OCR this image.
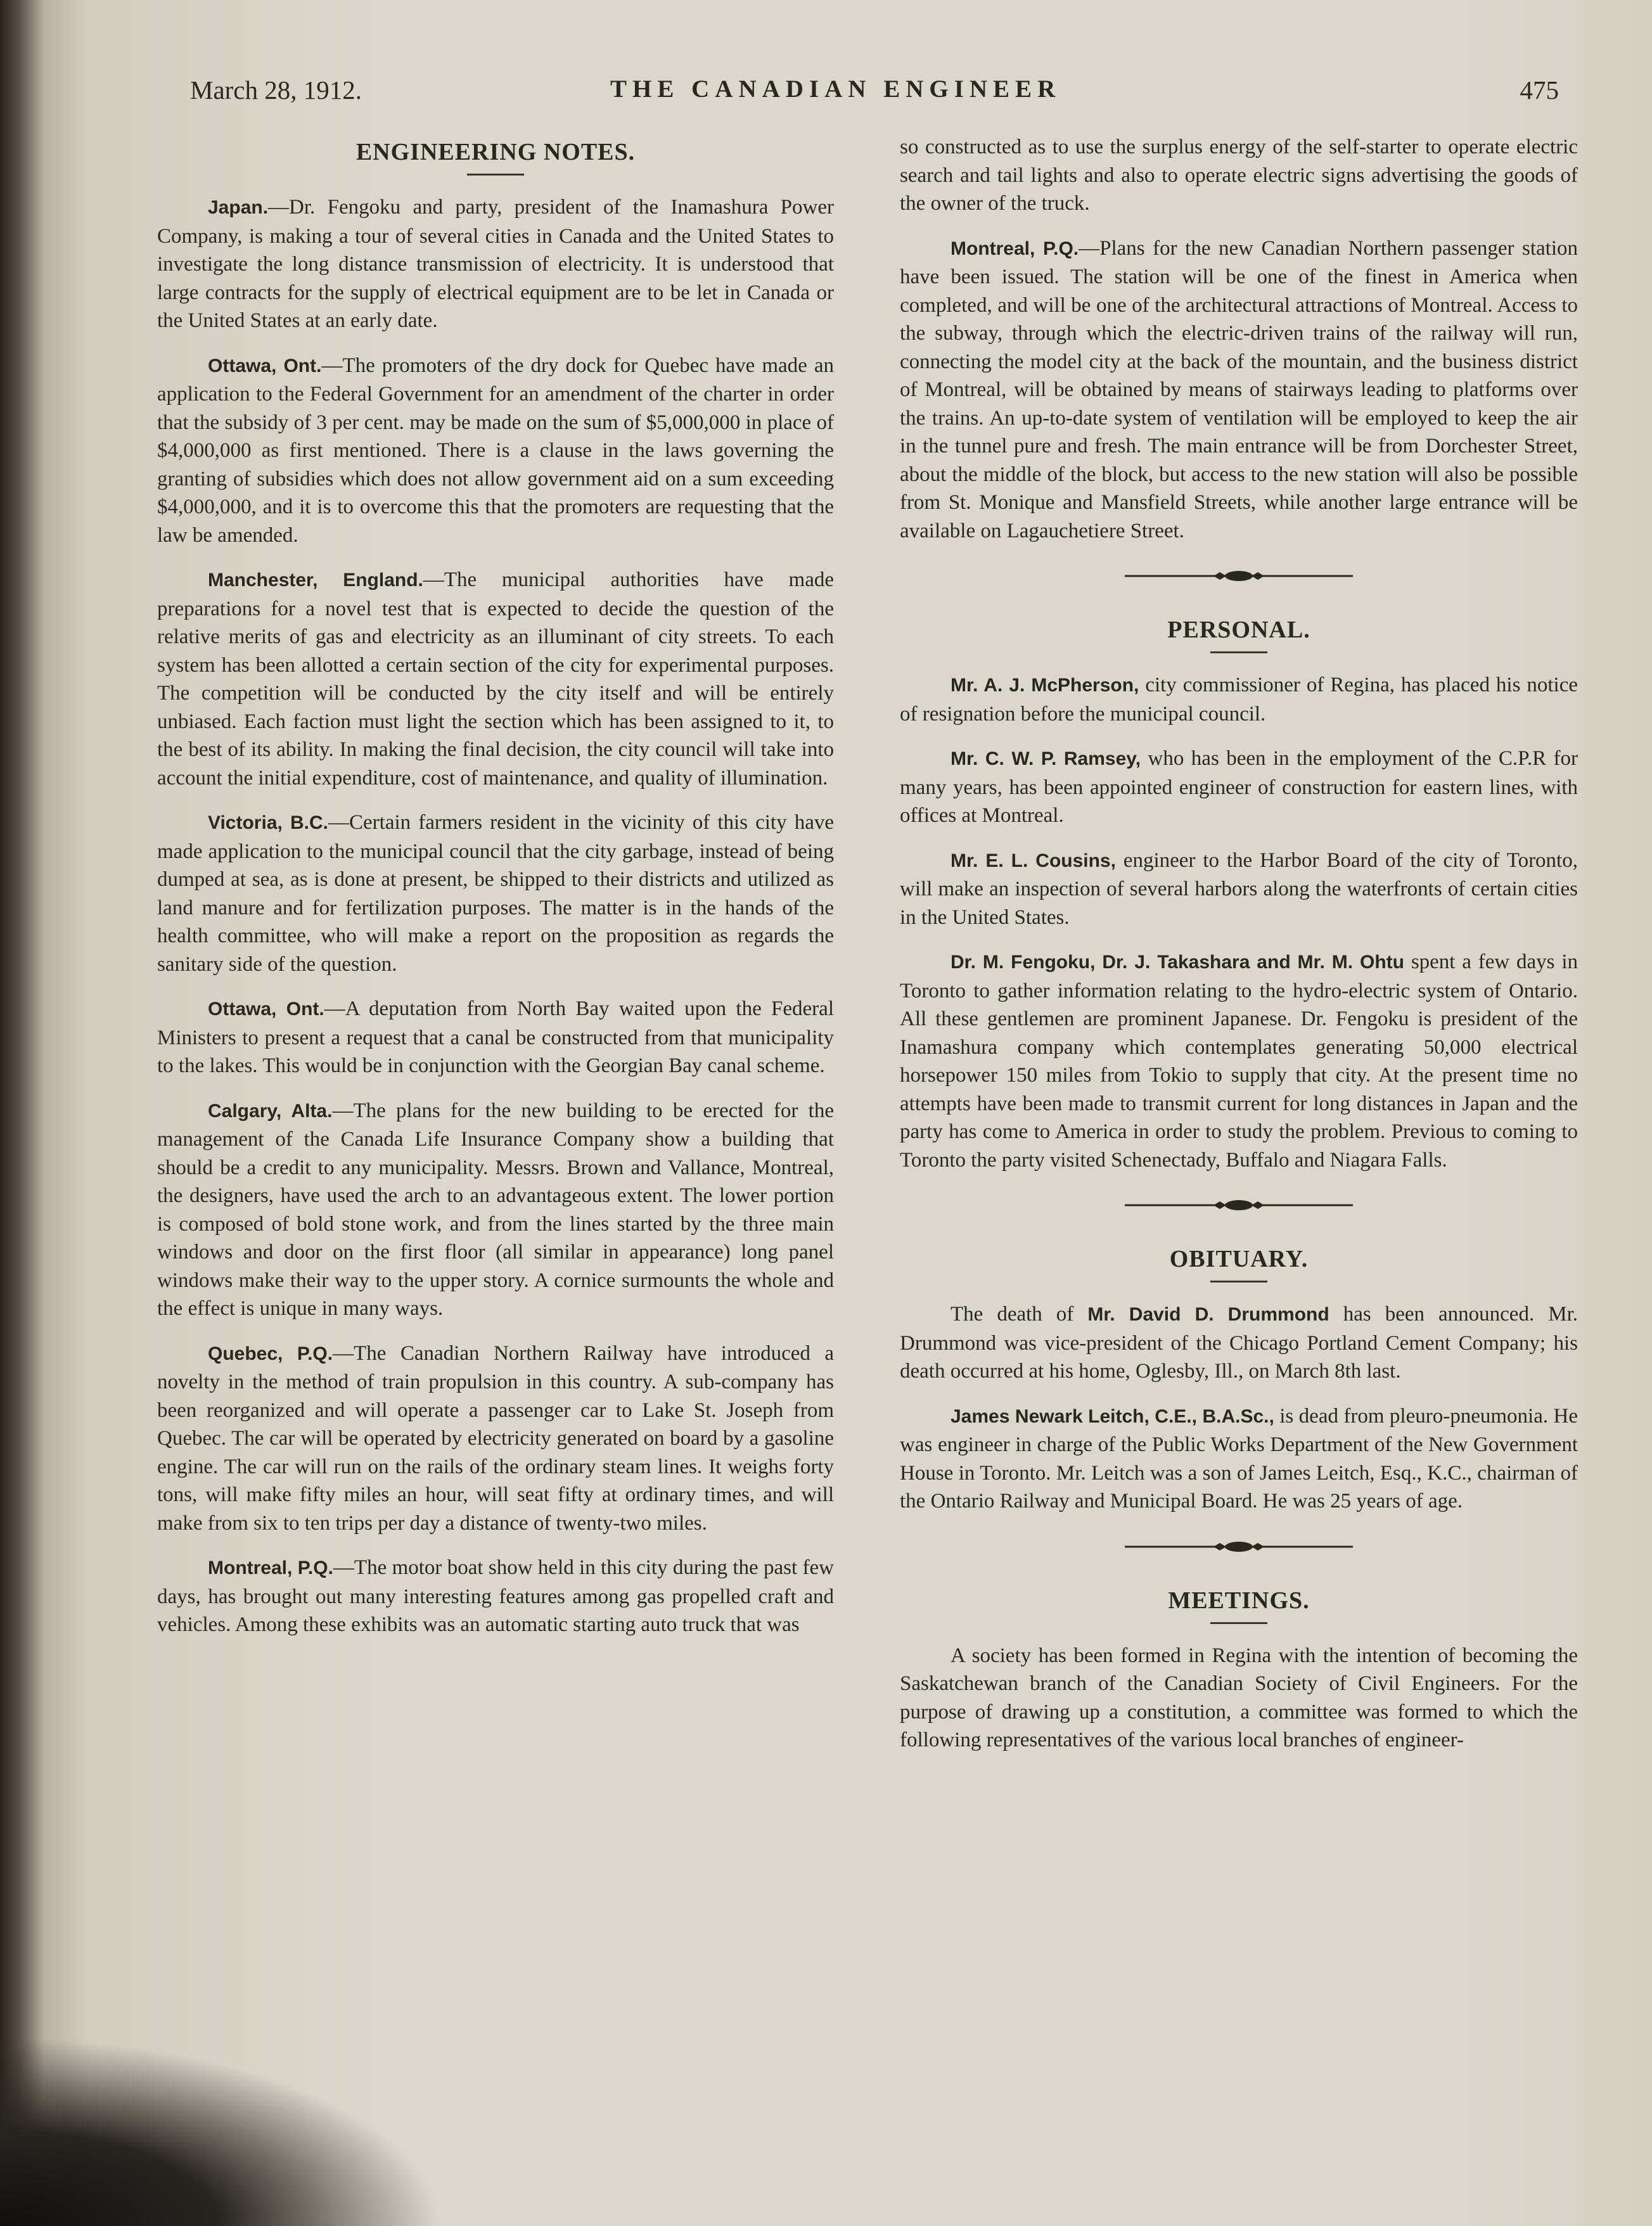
March 28, 1912.	THE CANADIAN ENGINEER	475
ENGINEERING NOTES.

Japan.—Dr. Fengoku and party, president of the Inamashura Power Company, is making a tour of several cities in Canada and the United States to investigate the long distance transmission of electricity. It is understood that large contracts for the supply of electrical equipment are to be let in Canada or the United States at an early date.

Ottawa, Ont.—The promoters of the dry dock for Quebec have made an application to the Federal Government for an amendment of the charter in order that the subsidy of 3 per cent. may be made on the sum of $5,000,000 in place of $4,000,000 as first mentioned. There is a clause in the laws governing the granting of subsidies which does not allow government aid on a sum exceeding $4,000,000, and it is to overcome this that the promoters are requesting that the law be amended.

Manchester, England.—The municipal authorities have made preparations for a novel test that is expected to decide the question of the relative merits of gas and electricity as an illuminant of city streets. To each system has been allotted a certain section of the city for experimental purposes. The competition will be conducted by the city itself and will be entirely unbiased. Each faction must light the section which has been assigned to it, to the best of its ability. In making the final decision, the city council will take into account the initial expenditure, cost of maintenance, and quality of illumination.

Victoria, B.C.—Certain farmers resident in the vicinity of this city have made application to the municipal council that the city garbage, instead of being dumped at sea, as is done at present, be shipped to their districts and utilized as land manure and for fertilization purposes. The matter is in the hands of the health committee, who will make a report on the proposition as regards the sanitary side of the question.

Ottawa, Ont.—A deputation from North Bay waited upon the Federal Ministers to present a request that a canal be constructed from that municipality to the lakes. This would be in conjunction with the Georgian Bay canal scheme.

Calgary, Alta.—The plans for the new building to be erected for the management of the Canada Life Insurance Company show a building that should be a credit to any municipality. Messrs. Brown and Vallance, Montreal, the designers, have used the arch to an advantageous extent. The lower portion is composed of bold stone work, and from the lines started by the three main windows and door on the first floor (all similar in appearance) long panel windows make their way to the upper story. A cornice surmounts the whole and the effect is unique in many ways.

Quebec, P.Q.—The Canadian Northern Railway have introduced a novelty in the method of train propulsion in this country. A sub-company has been reorganized and will operate a passenger car to Lake St. Joseph from Quebec. The car will be operated by electricity generated on board by a gasoline engine. The car will run on the rails of the ordinary steam lines. It weighs forty tons, will make fifty miles an hour, will seat fifty at ordinary times, and will make from six to ten trips per day a distance of twenty-two miles.

Montreal, P.Q.—The motor boat show held in this city during the past few days, has brought out many interesting features among gas propelled craft and vehicles. Among these exhibits was an automatic starting auto truck that was

so constructed as to use the surplus energy of the self-starter to operate electric search and tail lights and also to operate electric signs advertising the goods of the owner of the truck.

Montreal, P.Q.—Plans for the new Canadian Northern passenger station have been issued. The station will be one of the finest in America when completed, and will be one of the architectural attractions of Montreal. Access to the subway, through which the electric-driven trains of the railway will run, connecting the model city at the back of the mountain, and the business district of Montreal, will be obtained by means of stairways leading to platforms over the trains. An up-to-date system of ventilation will be employed to keep the air in the tunnel pure and fresh. The main entrance will be from Dorchester Street, about the middle of the block, but access to the new station will also be possible from St. Monique and Mansfield Streets, while another large entrance will be available on Lagauchetiere Street.

PERSONAL.

Mr. A. J. McPherson, city commissioner of Regina, has placed his notice of resignation before the municipal council.

Mr. C. W. P. Ramsey, who has been in the employment of the C.P.R for many years, has been appointed engineer of construction for eastern lines, with offices at Montreal.

Mr. E. L. Cousins, engineer to the Harbor Board of the city of Toronto, will make an inspection of several harbors along the waterfronts of certain cities in the United States.

Dr. M. Fengoku, Dr. J. Takashara and Mr. M. Ohtu spent a few days in Toronto to gather information relating to the hydro-electric system of Ontario. All these gentlemen are prominent Japanese. Dr. Fengoku is president of the Inamashura company which contemplates generating 50,000 electrical horsepower 150 miles from Tokio to supply that city. At the present time no attempts have been made to transmit current for long distances in Japan and the party has come to America in order to study the problem. Previous to coming to Toronto the party visited Schenectady, Buffalo and Niagara Falls.

OBITUARY.

The death of Mr. David D. Drummond has been announced. Mr. Drummond was vice-president of the Chicago Portland Cement Company; his death occurred at his home, Oglesby, Ill., on March 8th last.

James Newark Leitch, C.E., B.A.Sc., is dead from pleuro-pneumonia. He was engineer in charge of the Public Works Department of the New Government House in Toronto. Mr. Leitch was a son of James Leitch, Esq., K.C., chairman of the Ontario Railway and Municipal Board. He was 25 years of age.

MEETINGS.

A society has been formed in Regina with the intention of becoming the Saskatchewan branch of the Canadian Society of Civil Engineers. For the purpose of drawing up a constitution, a committee was formed to which the following representatives of the various local branches of engineer-
